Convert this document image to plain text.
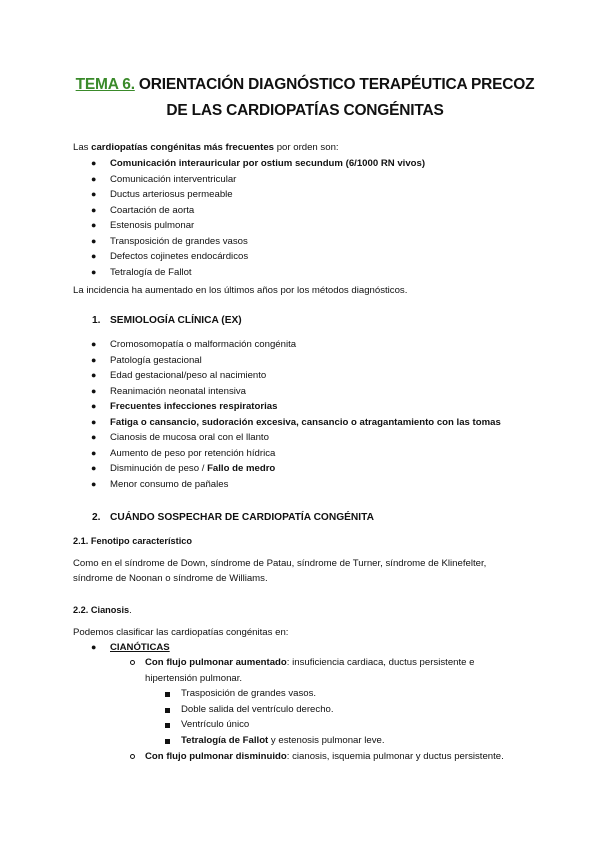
TEMA 6. ORIENTACIÓN DIAGNÓSTICO TERAPÉUTICA PRECOZ
DE LAS CARDIOPATÍAS CONGÉNITAS
Las cardiopatías congénitas más frecuentes por orden son:
● Comunicación interauricular por ostium secundum (6/1000 RN vivos)
● Comunicación interventricular
● Ductus arteriosus permeable
● Coartación de aorta
● Estenosis pulmonar
● Transposición de grandes vasos
● Defectos cojinetes endocárdicos
● Tetralogía de Fallot
La incidencia ha aumentado en los últimos años por los métodos diagnósticos.
1. SEMIOLOGÍA CLÍNICA (EX)
● Cromosomopatía o malformación congénita
● Patología gestacional
● Edad gestacional/peso al nacimiento
● Reanimación neonatal intensiva
● Frecuentes infecciones respiratorias
● Fatiga o cansancio, sudoración excesiva, cansancio o atragantamiento con las tomas
● Cianosis de mucosa oral con el llanto
● Aumento de peso por retención hídrica
● Disminución de peso / Fallo de medro
● Menor consumo de pañales
2. CUÁNDO SOSPECHAR DE CARDIOPATÍA CONGÉNITA
2.1. Fenotipo característico
Como en el síndrome de Down, síndrome de Patau, síndrome de Turner, síndrome de Klinefelter,
síndrome de Noonan o síndrome de Williams.
2.2. Cianosis.
Podemos clasificar las cardiopatías congénitas en:
● CIANÓTICAS
Con flujo pulmonar aumentado: insuficiencia cardiaca, ductus persistente e
hipertensión pulmonar.
Trasposición de grandes vasos.
Doble salida del ventrículo derecho.
Ventrículo único
Tetralogía de Fallot y estenosis pulmonar leve.
Con flujo pulmonar disminuido: cianosis, isquemia pulmonar y ductus persistente.
